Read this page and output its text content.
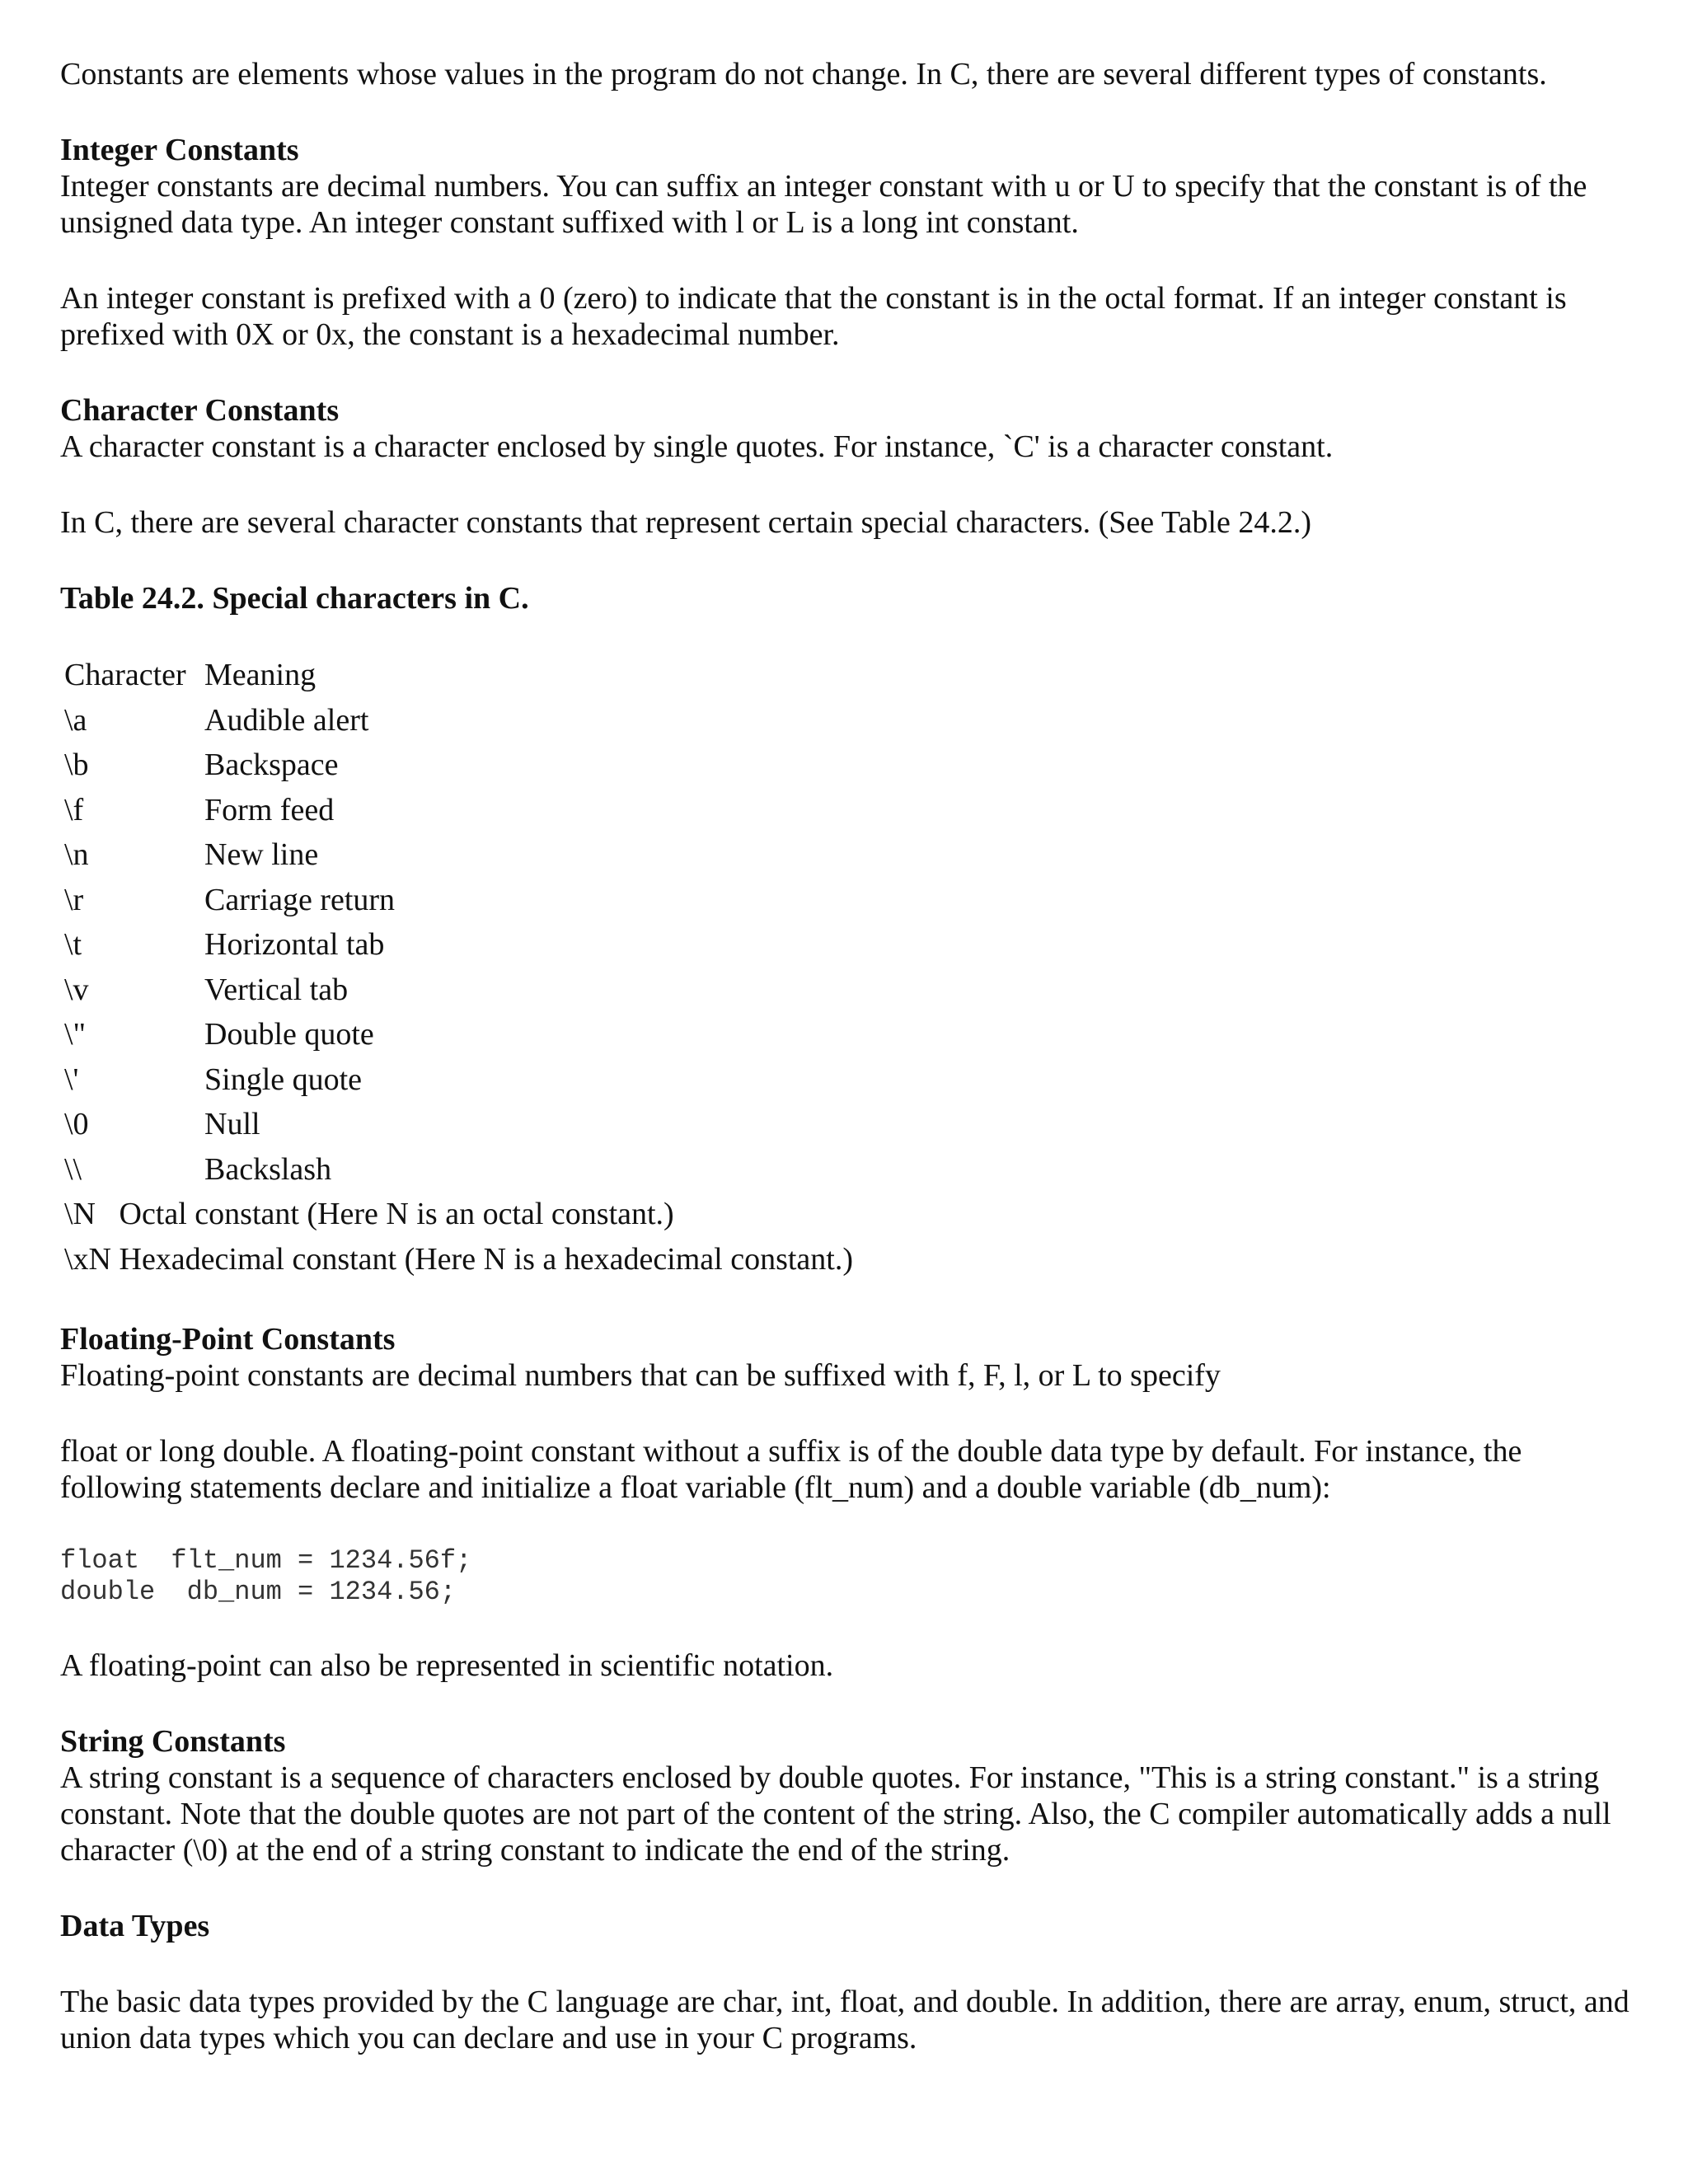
Constants are elements whose values in the program do not change. In C, there are several different types of constants.

Integer Constants

Integer constants are decimal numbers. You can suffix an integer constant with u or U to specify that the constant is of the unsigned data type. An integer constant suffixed with l or L is a long int constant.

An integer constant is prefixed with a 0 (zero) to indicate that the constant is in the octal format. If an integer constant is prefixed with 0X or 0x, the constant is a hexadecimal number.

Character Constants

A character constant is a character enclosed by single quotes. For instance, `C' is a character constant.

In C, there are several character constants that represent certain special characters. (See Table 24.2.)

Table 24.2. Special characters in C.

Character	Meaning
\a	Audible alert
\b	Backspace
\f	Form feed
\n	New line
\r	Carriage return
\t	Horizontal tab
\v	Vertical tab
\"	Double quote
\'	Single quote
\0	Null
\\	Backslash
\N Octal constant (Here N is an octal constant.)
\xN Hexadecimal constant (Here N is a hexadecimal constant.)

Floating-Point Constants

Floating-point constants are decimal numbers that can be suffixed with f, F, l, or L to specify

float or long double. A floating-point constant without a suffix is of the double data type by default. For instance, the following statements declare and initialize a float variable (flt_num) and a double variable (db_num):

float  flt_num = 1234.56f;
double  db_num = 1234.56;

A floating-point can also be represented in scientific notation.

String Constants

A string constant is a sequence of characters enclosed by double quotes. For instance, "This is a string constant." is a string constant. Note that the double quotes are not part of the content of the string. Also, the C compiler automatically adds a null character (\0) at the end of a string constant to indicate the end of the string.

Data Types

The basic data types provided by the C language are char, int, float, and double. In addition, there are array, enum, struct, and union data types which you can declare and use in your C programs.
